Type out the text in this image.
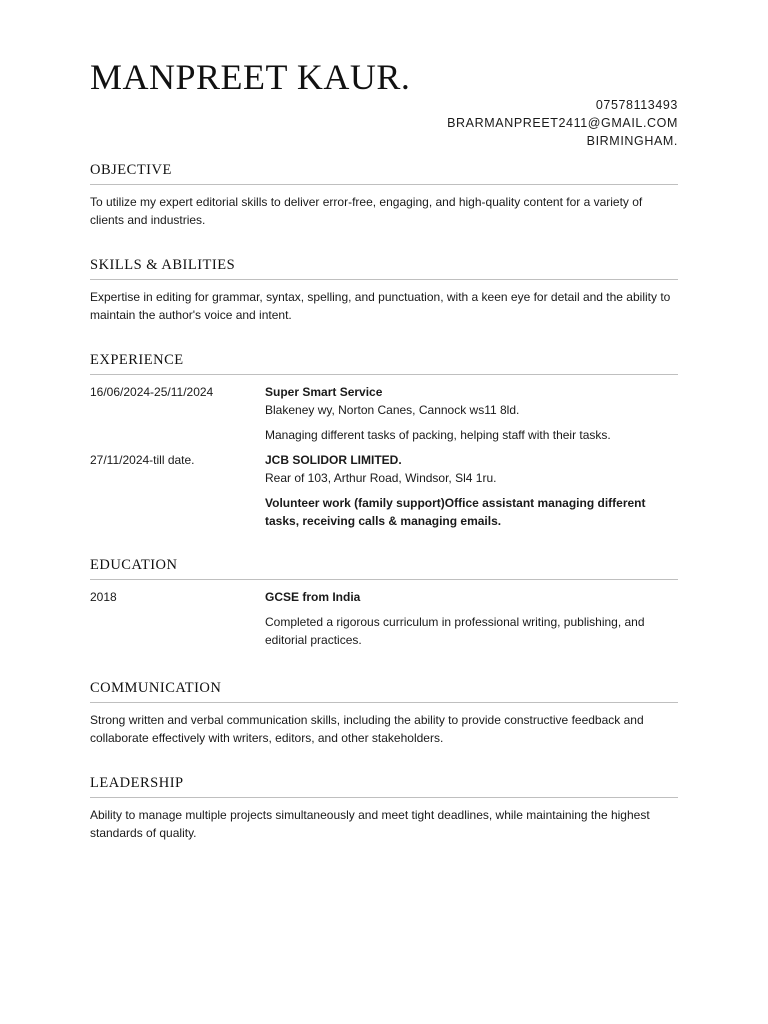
MANPREET KAUR.
07578113493
BRARMANPREET2411@GMAIL.COM
BIRMINGHAM.
OBJECTIVE

To utilize my expert editorial skills to deliver error-free, engaging, and high-quality content for a variety of clients and industries.

SKILLS & ABILITIES

Expertise in editing for grammar, syntax, spelling, and punctuation, with a keen eye for detail and the ability to maintain the author's voice and intent.

EXPERIENCE
16/06/2024-25/11/2024	Super Smart Service
Blakeney wy, Norton Canes, Cannock ws11 8ld.
Managing different tasks of packing, helping staff with their tasks.
27/11/2024-till date.	JCB SOLIDOR LIMITED.
Rear of 103, Arthur Road, Windsor, Sl4 1ru.
Volunteer work (family support)Office assistant managing different tasks, receiving calls & managing emails.
EDUCATION
2018	GCSE from India
Completed a rigorous curriculum in professional writing, publishing, and editorial practices.
COMMUNICATION

Strong written and verbal communication skills, including the ability to provide constructive feedback and collaborate effectively with writers, editors, and other stakeholders.

LEADERSHIP

Ability to manage multiple projects simultaneously and meet tight deadlines, while maintaining the highest standards of quality.
